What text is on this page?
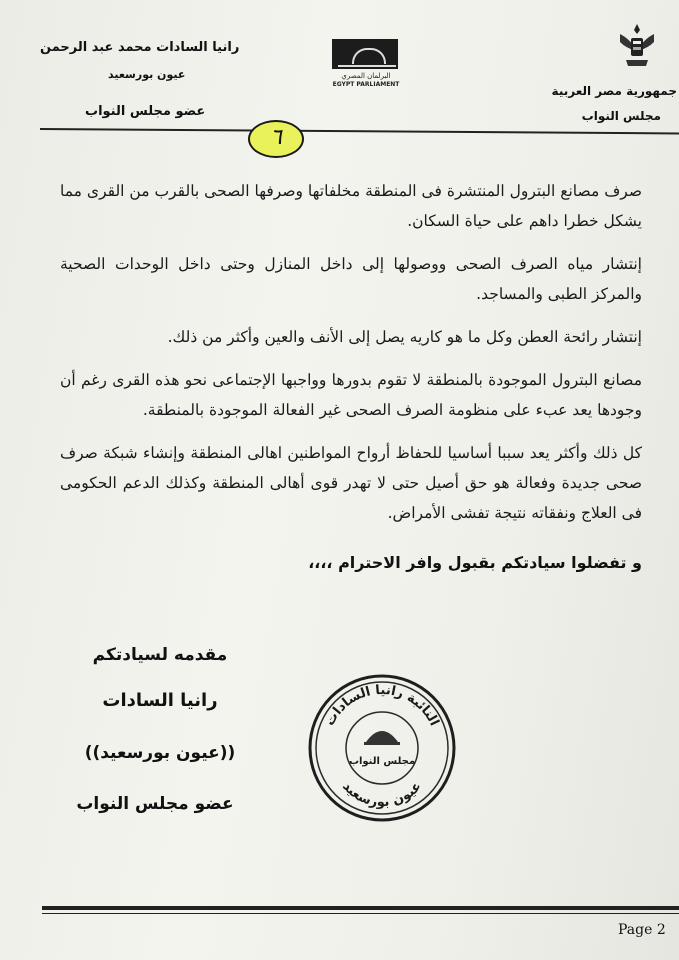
رانيا السادات محمد عبد الرحمن
عيون بورسعيد
عضو مجلس النواب
البرلمان المصري
EGYPT PARLIAMENT	جمهورية مصر العربية
مجلس النواب
٦

صرف مصانع البترول المنتشرة فى المنطقة مخلفاتها وصرفها الصحى بالقرب من القرى مما يشكل خطرا داهم على حياة السكان.

إنتشار مياه الصرف الصحى ووصولها إلى داخل المنازل وحتى داخل الوحدات الصحية والمركز الطبى والمساجد.

إنتشار رائحة العطن وكل ما هو كاريه يصل إلى الأنف والعين وأكثر من ذلك.

مصانع البترول الموجودة بالمنطقة لا تقوم بدورها وواجبها الإجتماعى نحو هذه القرى رغم أن وجودها يعد عبء على منظومة الصرف الصحى غير الفعالة الموجودة بالمنطقة.

كل ذلك وأكثر يعد سببا أساسيا للحفاظ أرواح المواطنين اهالى المنطقة وإنشاء شبكة صرف صحى جديدة وفعالة هو حق أصيل حتى لا تهدر قوى أهالى المنطقة وكذلك الدعم الحكومى فى العلاج ونفقاته نتيجة تفشى الأمراض.

و تفضلوا سيادتكم بقبول وافر الاحترام ،،،،
مقدمه لسيادتكم
رانيا السادات
((عيون بورسعيد))
عضو مجلس النواب
النائبة رانيا السادات
مجلس النواب
عيون بورسعيد
Page 2
